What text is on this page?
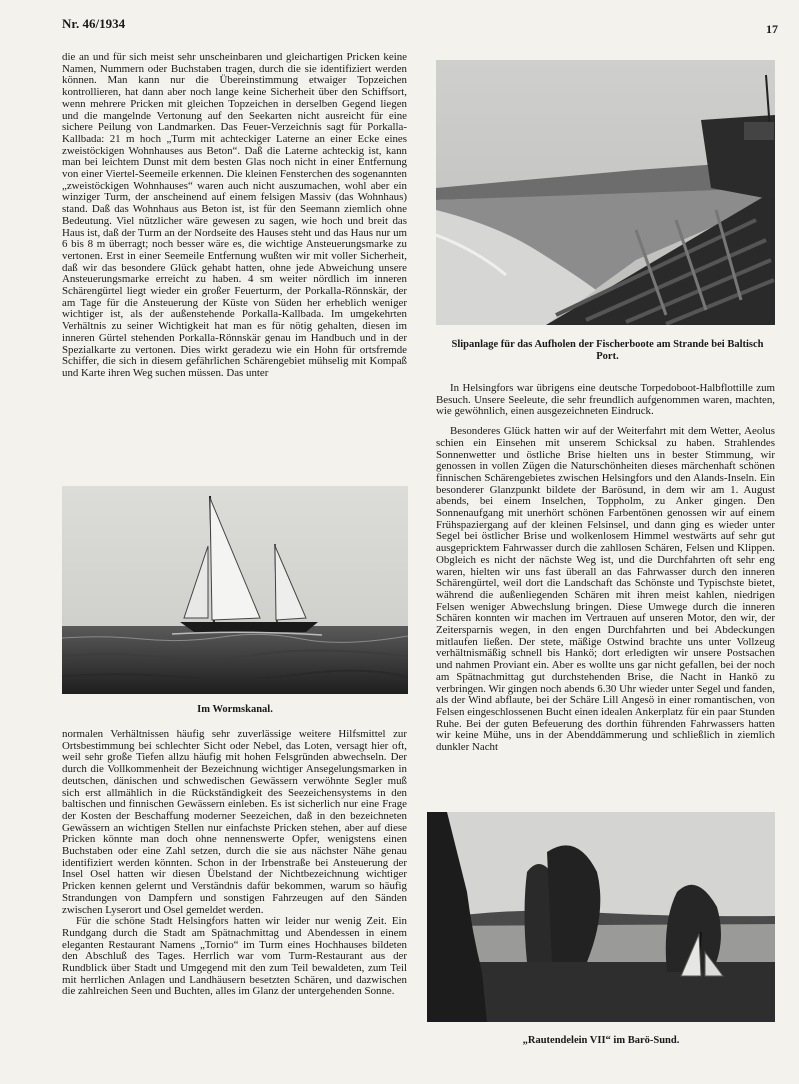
Nr. 46/1934	17

die an und für sich meist sehr unscheinbaren und gleichartigen Pricken keine Namen, Nummern oder Buchstaben tragen, durch die sie identifiziert werden können. Man kann nur die Übereinstimmung etwaiger Topzeichen kontrollieren, hat dann aber noch lange keine Sicherheit über den Schiffsort, wenn mehrere Pricken mit gleichen Topzeichen in derselben Gegend liegen und die mangelnde Vertonung auf den Seekarten nicht ausreicht für eine sichere Peilung von Landmarken. Das Feuer-Verzeichnis sagt für Porkalla-Kallbada: 21 m hoch „Turm mit achteckiger Laterne an einer Ecke eines zweistöckigen Wohnhauses aus Beton“. Daß die Laterne achteckig ist, kann man bei leichtem Dunst mit dem besten Glas noch nicht in einer Entfernung von einer Viertel-Seemeile erkennen. Die kleinen Fensterchen des sogenannten „zweistöckigen Wohnhauses“ waren auch nicht auszumachen, wohl aber ein winziger Turm, der anscheinend auf einem felsigen Massiv (das Wohnhaus) stand. Daß das Wohnhaus aus Beton ist, ist für den Seemann ziemlich ohne Bedeutung. Viel nützlicher wäre gewesen zu sagen, wie hoch und breit das Haus ist, daß der Turm an der Nordseite des Hauses steht und das Haus nur um 6 bis 8 m überragt; noch besser wäre es, die wichtige Ansteuerungsmarke zu vertonen. Erst in einer Seemeile Entfernung wußten wir mit voller Sicherheit, daß wir das besondere Glück gehabt hatten, ohne jede Abweichung unsere Ansteuerungsmarke erreicht zu haben. 4 sm weiter nördlich im inneren Schärengürtel liegt wieder ein großer Feuerturm, der Porkalla-Rönnskär, der am Tage für die Ansteuerung der Küste von Süden her erheblich weniger wichtiger ist, als der außenstehende Porkalla-Kallbada. Im umgekehrten Verhältnis zu seiner Wichtigkeit hat man es für nötig gehalten, diesen im inneren Gürtel stehenden Porkalla-Rönnskär genau im Handbuch und in der Spezialkarte zu vertonen. Dies wirkt geradezu wie ein Hohn für ortsfremde Schiffer, die sich in diesem gefährlichen Schärengebiet mühselig mit Kompaß und Karte ihren Weg suchen müssen. Das unter

Im Wormskanal.

normalen Verhältnissen häufig sehr zuverlässige weitere Hilfsmittel zur Ortsbestimmung bei schlechter Sicht oder Nebel, das Loten, versagt hier oft, weil sehr große Tiefen allzu häufig mit hohen Felsgründen abwechseln. Der durch die Vollkommenheit der Bezeichnung wichtiger Ansegelungsmarken in deutschen, dänischen und schwedischen Gewässern verwöhnte Segler muß sich erst allmählich in die Rückständigkeit des Seezeichensystems in den baltischen und finnischen Gewässern einleben. Es ist sicherlich nur eine Frage der Kosten der Beschaffung moderner Seezeichen, daß in den bezeichneten Gewässern an wichtigen Stellen nur einfachste Pricken stehen, aber auf diese Pricken könnte man doch ohne nennenswerte Opfer, wenigstens einen Buchstaben oder eine Zahl setzen, durch die sie aus nächster Nähe genau identifiziert werden könnten. Schon in der Irbenstraße bei Ansteuerung der Insel Osel hatten wir diesen Übelstand der Nichtbezeichnung wichtiger Pricken kennen gelernt und Verständnis dafür bekommen, warum so häufig Strandungen von Dampfern und sonstigen Fahrzeugen auf den Sänden zwischen Lyserort und Osel gemeldet werden.

Für die schöne Stadt Helsingfors hatten wir leider nur wenig Zeit. Ein Rundgang durch die Stadt am Spätnachmittag und Abendessen in einem eleganten Restaurant Namens „Tornio“ im Turm eines Hochhauses bildeten den Abschluß des Tages. Herrlich war vom Turm-Restaurant aus der Rundblick über Stadt und Umgegend mit den zum Teil bewaldeten, zum Teil mit herrlichen Anlagen und Landhäusern besetzten Schären, und dazwischen die zahlreichen Seen und Buchten, alles im Glanz der untergehenden Sonne.

Slipanlage für das Aufholen der Fischerboote am Strande bei Baltisch Port.

In Helsingfors war übrigens eine deutsche Torpedoboot-Halbflottille zum Besuch. Unsere Seeleute, die sehr freundlich aufgenommen waren, machten, wie gewöhnlich, einen ausgezeichneten Eindruck.

Besonderes Glück hatten wir auf der Weiterfahrt mit dem Wetter, Aeolus schien ein Einsehen mit unserem Schicksal zu haben. Strahlendes Sonnenwetter und östliche Brise hielten uns in bester Stimmung, wir genossen in vollen Zügen die Naturschönheiten dieses märchenhaft schönen finnischen Schärengebietes zwischen Helsingfors und den Alands-Inseln. Ein besonderer Glanzpunkt bildete der Barösund, in dem wir am 1. August abends, bei einem Inselchen, Toppholm, zu Anker gingen. Den Sonnenaufgang mit unerhört schönen Farbentönen genossen wir auf einem Frühspaziergang auf der kleinen Felsinsel, und dann ging es wieder unter Segel bei östlicher Brise und wolkenlosem Himmel westwärts auf sehr gut ausgepricktem Fahrwasser durch die zahllosen Schären, Felsen und Klippen. Obgleich es nicht der nächste Weg ist, und die Durchfahrten oft sehr eng waren, hielten wir uns fast überall an das Fahrwasser durch den inneren Schärengürtel, weil dort die Landschaft das Schönste und Typischste bietet, während die außenliegenden Schären mit ihren meist kahlen, niedrigen Felsen weniger Abwechslung bringen. Diese Umwege durch die inneren Schären konnten wir machen im Vertrauen auf unseren Motor, den wir, der Zeitersparnis wegen, in den engen Durchfahrten und bei Abdeckungen mitlaufen ließen. Der stete, mäßige Ostwind brachte uns unter Vollzeug verhältnismäßig schnell bis Hankö; dort erledigten wir unsere Postsachen und nahmen Proviant ein. Aber es wollte uns gar nicht gefallen, bei der noch am Spätnachmittag gut durchstehenden Brise, die Nacht in Hankö zu verbringen. Wir gingen noch abends 6.30 Uhr wieder unter Segel und fanden, als der Wind abflaute, bei der Schäre Lill Angesö in einer romantischen, von Felsen eingeschlossenen Bucht einen idealen Ankerplatz für ein paar Stunden Ruhe. Bei der guten Befeuerung des dorthin führenden Fahrwassers hatten wir keine Mühe, uns in der Abenddämmerung und schließlich in ziemlich dunkler Nacht

„Rautendelein VII“ im Barö-Sund.
